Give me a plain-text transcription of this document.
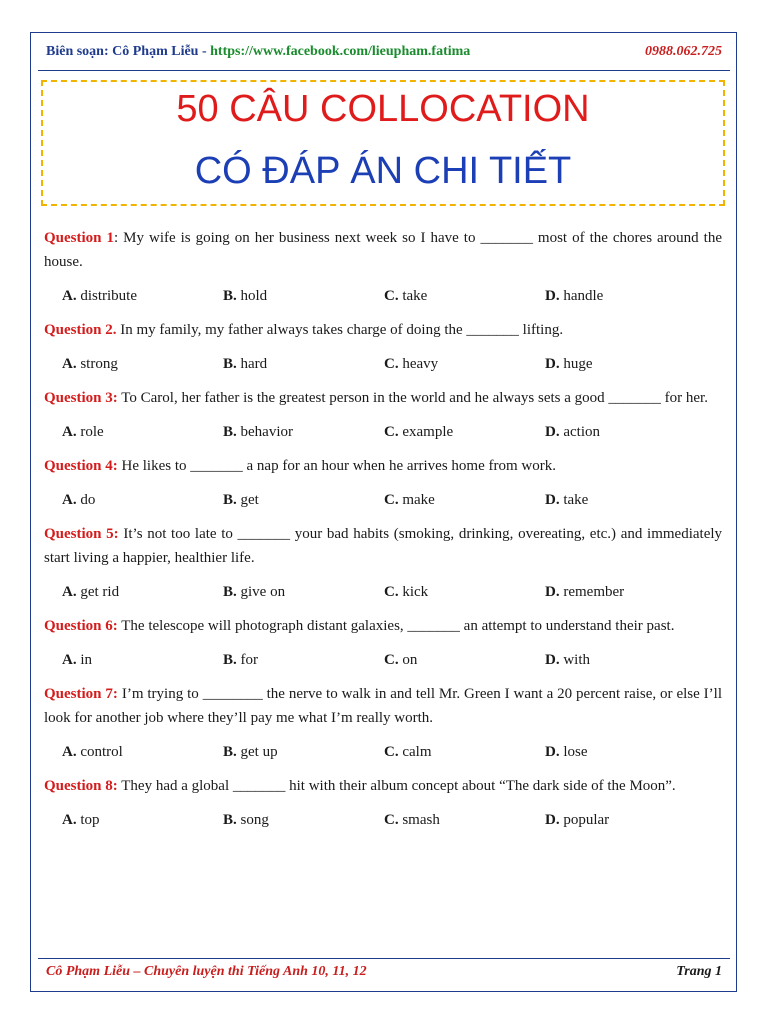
Biên soạn: Cô Phạm Liễu - https://www.facebook.com/lieupham.fatima	0988.062.725
50 CÂU COLLOCATION
CÓ ĐÁP ÁN CHI TIẾT

Question 1: My wife is going on her business next week so I have to _______ most of the chores around the house.

A. distribute	B. hold	C. take	D. handle

Question 2. In my family, my father always takes charge of doing the _______ lifting.

A. strong	B. hard	C. heavy	D. huge

Question 3: To Carol, her father is the greatest person in the world and he always sets a good _______ for her.

A. role	B. behavior	C. example	D. action

Question 4: He likes to _______ a nap for an hour when he arrives home from work.

A. do	B. get	C. make	D. take

Question 5: It’s not too late to _______ your bad habits (smoking, drinking, overeating, etc.) and immediately start living a happier, healthier life.

A. get rid	B. give on	C. kick	D. remember

Question 6: The telescope will photograph distant galaxies, _______ an attempt to understand their past.

A. in	B. for	C. on	D. with

Question 7: I’m trying to ________ the nerve to walk in and tell Mr. Green I want a 20 percent raise, or else I’ll look for another job where they’ll pay me what I’m really worth.

A. control	B. get up	C. calm	D. lose

Question 8: They had a global _______ hit with their album concept about “The dark side of the Moon”.

A. top	B. song	C. smash	D. popular
Cô Phạm Liễu – Chuyên luyện thi Tiếng Anh 10, 11, 12	Trang 1
